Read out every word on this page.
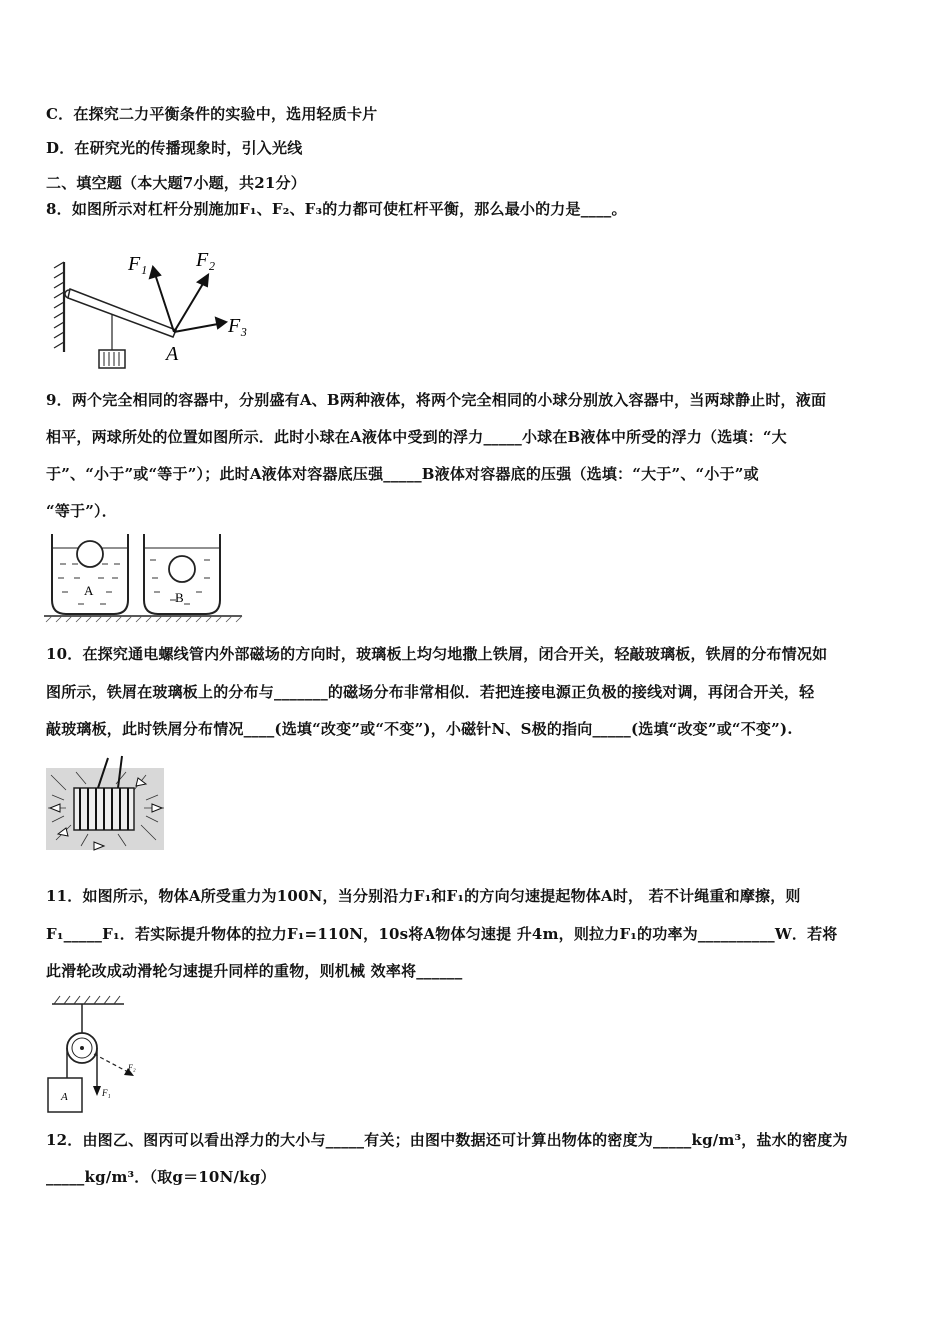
C．在探究二力平衡条件的实验中，选用轻质卡片
D．在研究光的传播现象时，引入光线
二、填空题（本大题7小题，共21分）
8．如图所示对杠杆分别施加F₁、F₂、F₃的力都可使杠杆平衡，那么最小的力是____。
F₁ F₂
F₃
A
9．两个完全相同的容器中，分别盛有A、B两种液体，将两个完全相同的小球分别放入容器中，当两球静止时，液面
相平，两球所处的位置如图所示．此时小球在A液体中受到的浮力_____小球在B液体中所受的浮力（选填：“大
于”、“小于”或“等于”）；此时A液体对容器底压强_____B液体对容器底的压强（选填：“大于”、“小于”或
“等于”）．
A	B
10．在探究通电螺线管内外部磁场的方向时，玻璃板上均匀地撒上铁屑，闭合开关，轻敲玻璃板，铁屑的分布情况如
图所示，铁屑在玻璃板上的分布与_______的磁场分布非常相似．若把连接电源正负极的接线对调，再闭合开关，轻
敲玻璃板，此时铁屑分布情况____(选填“改变”或“不变”)，小磁针N、S极的指向_____(选填“改变”或“不变”).
11．如图所示，物体A所受重力为100N，当分别沿力F₁和F₁的方向匀速提起物体A时， 若不计绳重和摩擦，则
F₁_____F₁．若实际提升物体的拉力F₁=110N，10s将A物体匀速提 升4m，则拉力F₁的功率为__________W．若将
此滑轮改成动滑轮匀速提升同样的重物，则机械 效率将______
A	F₁
F₂
12．由图乙、图丙可以看出浮力的大小与_____有关；由图中数据还可计算出物体的密度为_____kg/m³，盐水的密度为
_____kg/m³．（取g＝10N/kg）
